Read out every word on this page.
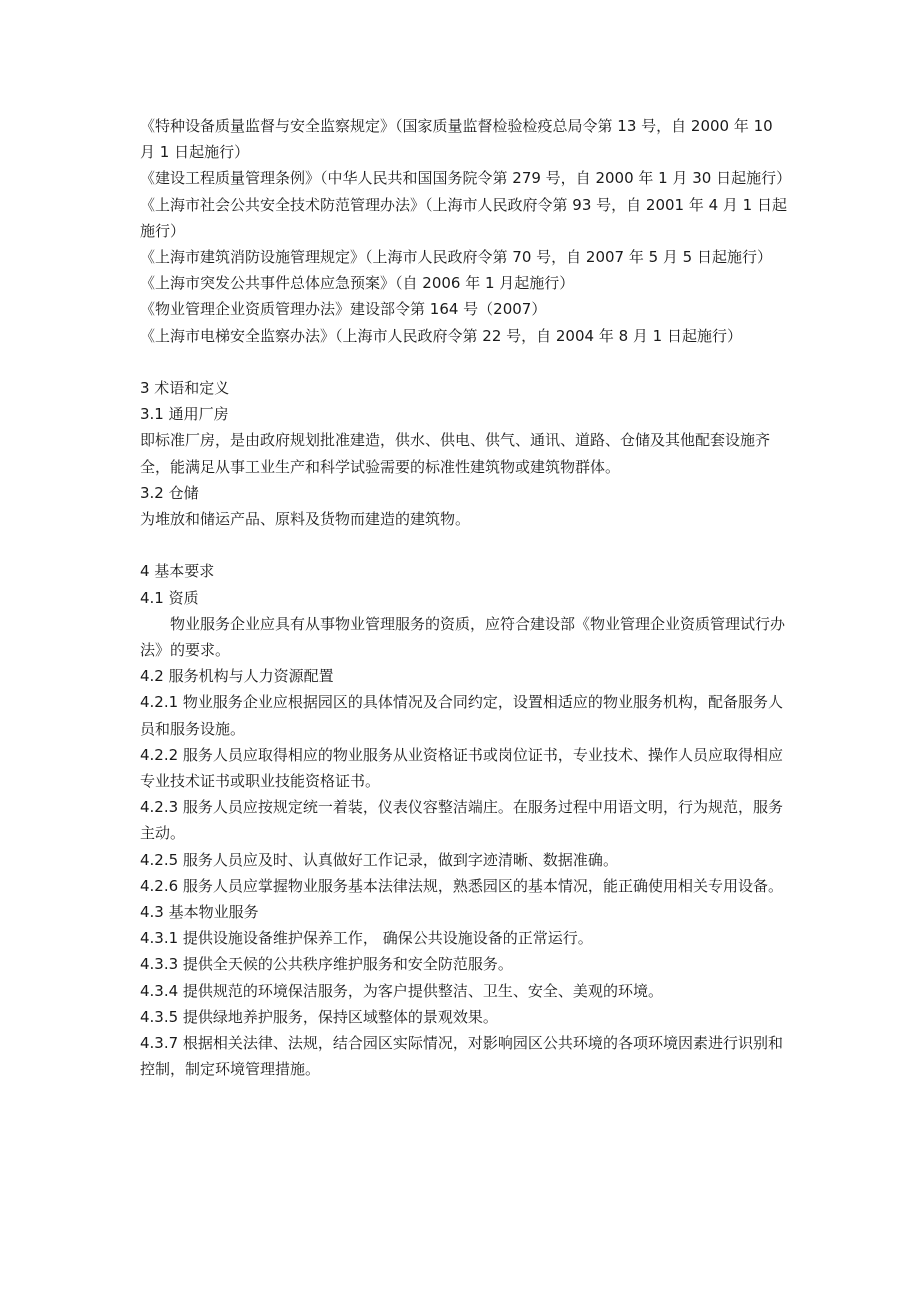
《特种设备质量监督与安全监察规定》（国家质量监督检验检疫总局令第 13 号，自 2000 年 10 月 1 日起施行）

《建设工程质量管理条例》（中华人民共和国国务院令第 279 号，自 2000 年 1 月 30 日起施行）

《上海市社会公共安全技术防范管理办法》（上海市人民政府令第 93 号，自 2001 年 4 月 1 日起施行）

《上海市建筑消防设施管理规定》（上海市人民政府令第 70 号，自 2007 年 5 月 5 日起施行）

《上海市突发公共事件总体应急预案》（自 2006 年 1 月起施行）

《物业管理企业资质管理办法》建设部令第 164 号（2007）

《上海市电梯安全监察办法》（上海市人民政府令第 22 号，自 2004 年 8 月 1 日起施行）

3 术语和定义

3.1 通用厂房

即标准厂房，是由政府规划批准建造，供水、供电、供气、通讯、道路、仓储及其他配套设施齐全，能满足从事工业生产和科学试验需要的标准性建筑物或建筑物群体。

3.2 仓储

为堆放和储运产品、原料及货物而建造的建筑物。

4 基本要求

4.1 资质

物业服务企业应具有从事物业管理服务的资质，应符合建设部《物业管理企业资质管理试行办法》的要求。

4.2 服务机构与人力资源配置

4.2.1 物业服务企业应根据园区的具体情况及合同约定，设置相适应的物业服务机构，配备服务人员和服务设施。

4.2.2 服务人员应取得相应的物业服务从业资格证书或岗位证书，专业技术、操作人员应取得相应专业技术证书或职业技能资格证书。

4.2.3 服务人员应按规定统一着装，仪表仪容整洁端庄。在服务过程中用语文明，行为规范，服务主动。

4.2.5 服务人员应及时、认真做好工作记录，做到字迹清晰、数据准确。

4.2.6 服务人员应掌握物业服务基本法律法规，熟悉园区的基本情况，能正确使用相关专用设备。

4.3 基本物业服务

4.3.1 提供设施设备维护保养工作， 确保公共设施设备的正常运行。

4.3.3 提供全天候的公共秩序维护服务和安全防范服务。

4.3.4 提供规范的环境保洁服务，为客户提供整洁、卫生、安全、美观的环境。

4.3.5 提供绿地养护服务，保持区域整体的景观效果。

4.3.7 根据相关法律、法规，结合园区实际情况，对影响园区公共环境的各项环境因素进行识别和控制，制定环境管理措施。
